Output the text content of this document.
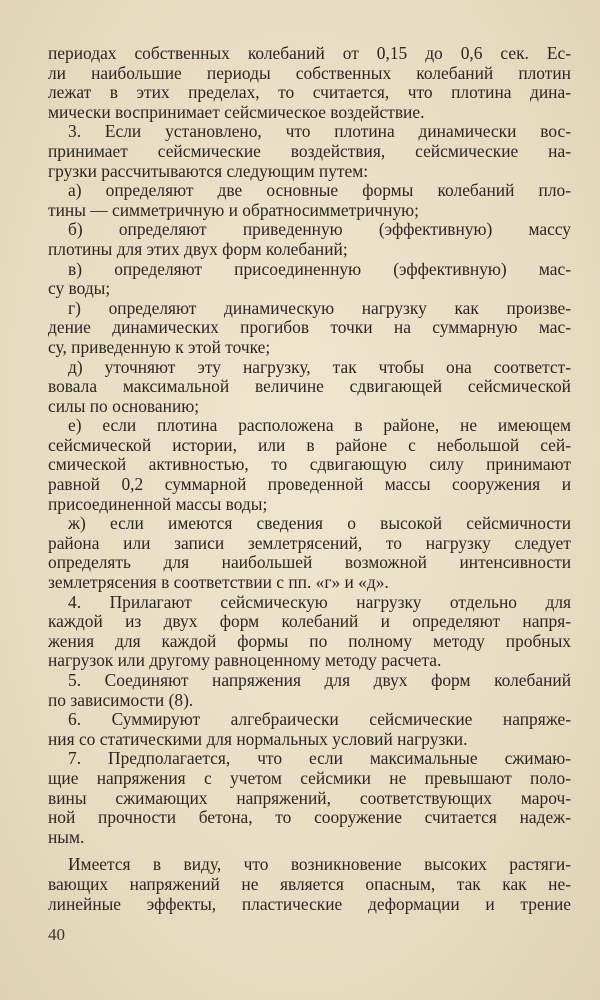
периодах собственных колебаний от 0,15 до 0,6 сек. Ес-
ли наибольшие периоды собственных колебаний плотин
лежат в этих пределах, то считается, что плотина дина-
мически воспринимает сейсмическое воздействие.
3. Если установлено, что плотина динамически вос-
принимает сейсмические воздействия, сейсмические на-
грузки рассчитываются следующим путем:
а) определяют две основные формы колебаний пло-
тины — симметричную и обратносимметричную;
б) определяют приведенную (эффективную) массу
плотины для этих двух форм колебаний;
в) определяют присоединенную (эффективную) мас-
су воды;
г) определяют динамическую нагрузку как произве-
дение динамических прогибов точки на суммарную мас-
су, приведенную к этой точке;
д) уточняют эту нагрузку, так чтобы она соответст-
вовала максимальной величине сдвигающей сейсмической
силы по основанию;
е) если плотина расположена в районе, не имеющем
сейсмической истории, или в районе с небольшой сей-
смической активностью, то сдвигающую силу принимают
равной 0,2 суммарной проведенной массы сооружения и
присоединенной массы воды;
ж) если имеются сведения о высокой сейсмичности
района или записи землетрясений, то нагрузку следует
определять для наибольшей возможной интенсивности
землетрясения в соответствии с пп. «г» и «д».
4. Прилагают сейсмическую нагрузку отдельно для
каждой из двух форм колебаний и определяют напря-
жения для каждой формы по полному методу пробных
нагрузок или другому равноценному методу расчета.
5. Соединяют напряжения для двух форм колебаний
по зависимости (8).
6. Суммируют алгебраически сейсмические напряже-
ния со статическими для нормальных условий нагрузки.
7. Предполагается, что если максимальные сжимаю-
щие напряжения с учетом сейсмики не превышают поло-
вины сжимающих напряжений, соответствующих мароч-
ной прочности бетона, то сооружение считается надеж-
ным.
Имеется в виду, что возникновение высоких растяги-
вающих напряжений не является опасным, так как не-
линейные эффекты, пластические деформации и трение
40
